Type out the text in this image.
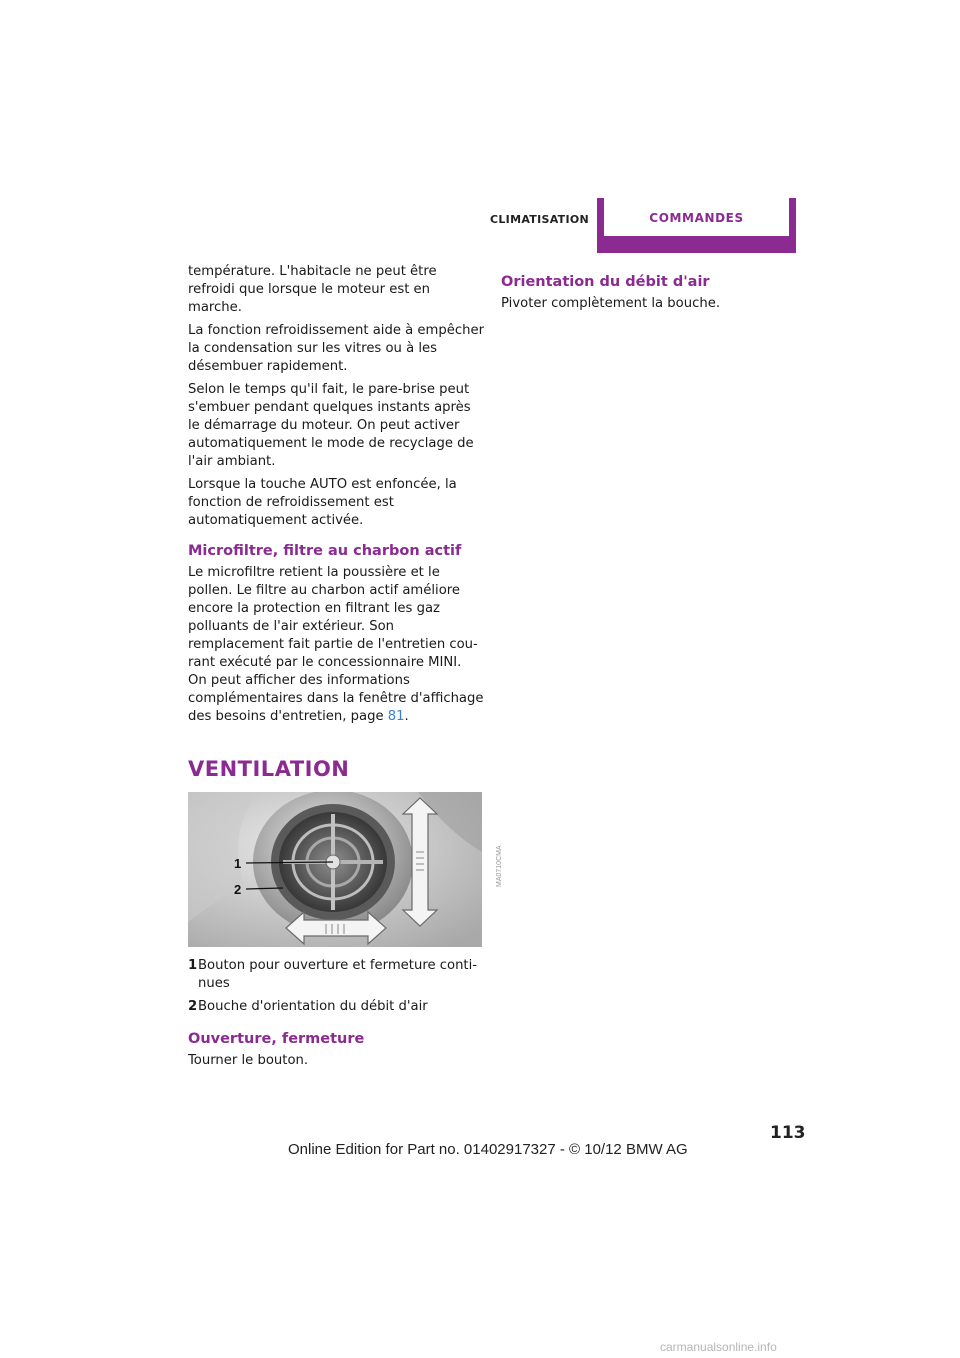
CLIMATISATION	COMMANDES

température. L'habitacle ne peut être refroidi que lorsque le moteur est en marche.

La fonction refroidissement aide à empêcher la condensation sur les vitres ou à les désembuer rapidement.

Selon le temps qu'il fait, le pare-brise peut s'embuer pendant quelques instants après le démarrage du moteur. On peut activer automatiquement le mode de recyclage de l'air ambiant.

Lorsque la touche AUTO est enfoncée, la fonction de refroidissement est automatiquement activée.

Microfiltre, filtre au charbon actif

Le microfiltre retient la poussière et le pollen. Le filtre au charbon actif améliore encore la protection en filtrant les gaz polluants de l'air extérieur. Son remplacement fait partie de l'entretien courant exécuté par le concessionnaire MINI.

On peut afficher des informations complémentaires dans la fenêtre d'affichage des besoins d'entretien, page 81.

VENTILATION
1
2
MA0710CMA
1 Bouton pour ouverture et fermeture continues
2 Bouche d'orientation du débit d'air
Ouverture, fermeture

Tourner le bouton.

Orientation du débit d'air

Pivoter complètement la bouche.

113
Online Edition for Part no. 01402917327 - © 10/12 BMW AG
carmanualsonline.info
